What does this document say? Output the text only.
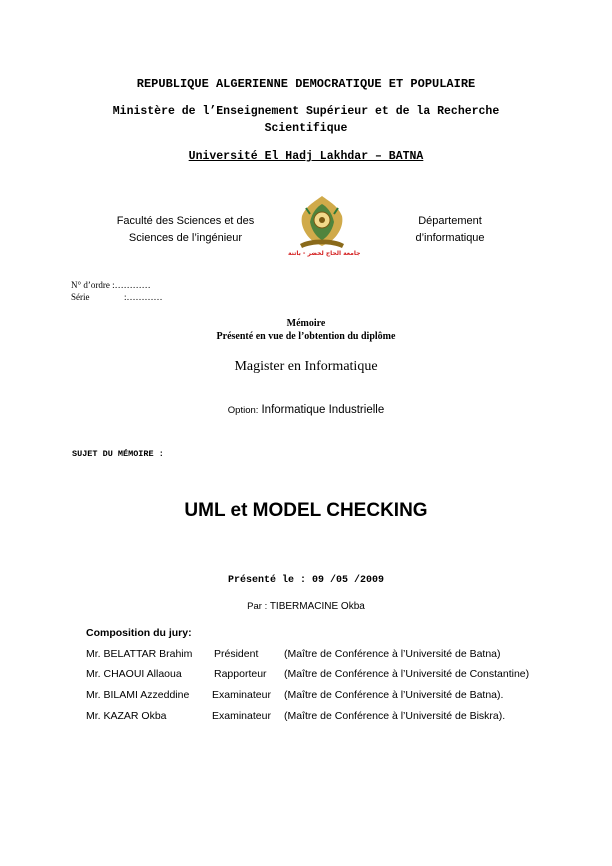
REPUBLIQUE ALGERIENNE DEMOCRATIQUE ET POPULAIRE
Ministère de l’Enseignement Supérieur et de la Recherche
Scientifique
Université El Hadj Lakhdar – BATNA
Faculté des Sciences et des
Sciences de l’ingénieur
جامعة الحاج لخضر - باتنة
Département
d’informatique
N° d’ordre :…………
Série	:…………
Mémoire
Présenté en vue de l’obtention du diplôme
Magister en Informatique
Option: Informatique Industrielle
SUJET DU MÉMOIRE :
UML et MODEL CHECKING
Présenté le : 09 /05 /2009
Par : TIBERMACINE Okba
Composition du jury:
Mr. BELATTAR Brahim Président (Maître de Conférence à l’Université de Batna)
Mr. CHAOUI Allaoua	Rapporteur (Maître de Conférence à l’Université de Constantine)
Mr. BILAMI Azzeddine Examinateur (Maître de Conférence à l’Université de Batna).
Mr. KAZAR Okba	Examinateur (Maître de Conférence à l’Université de Biskra).
